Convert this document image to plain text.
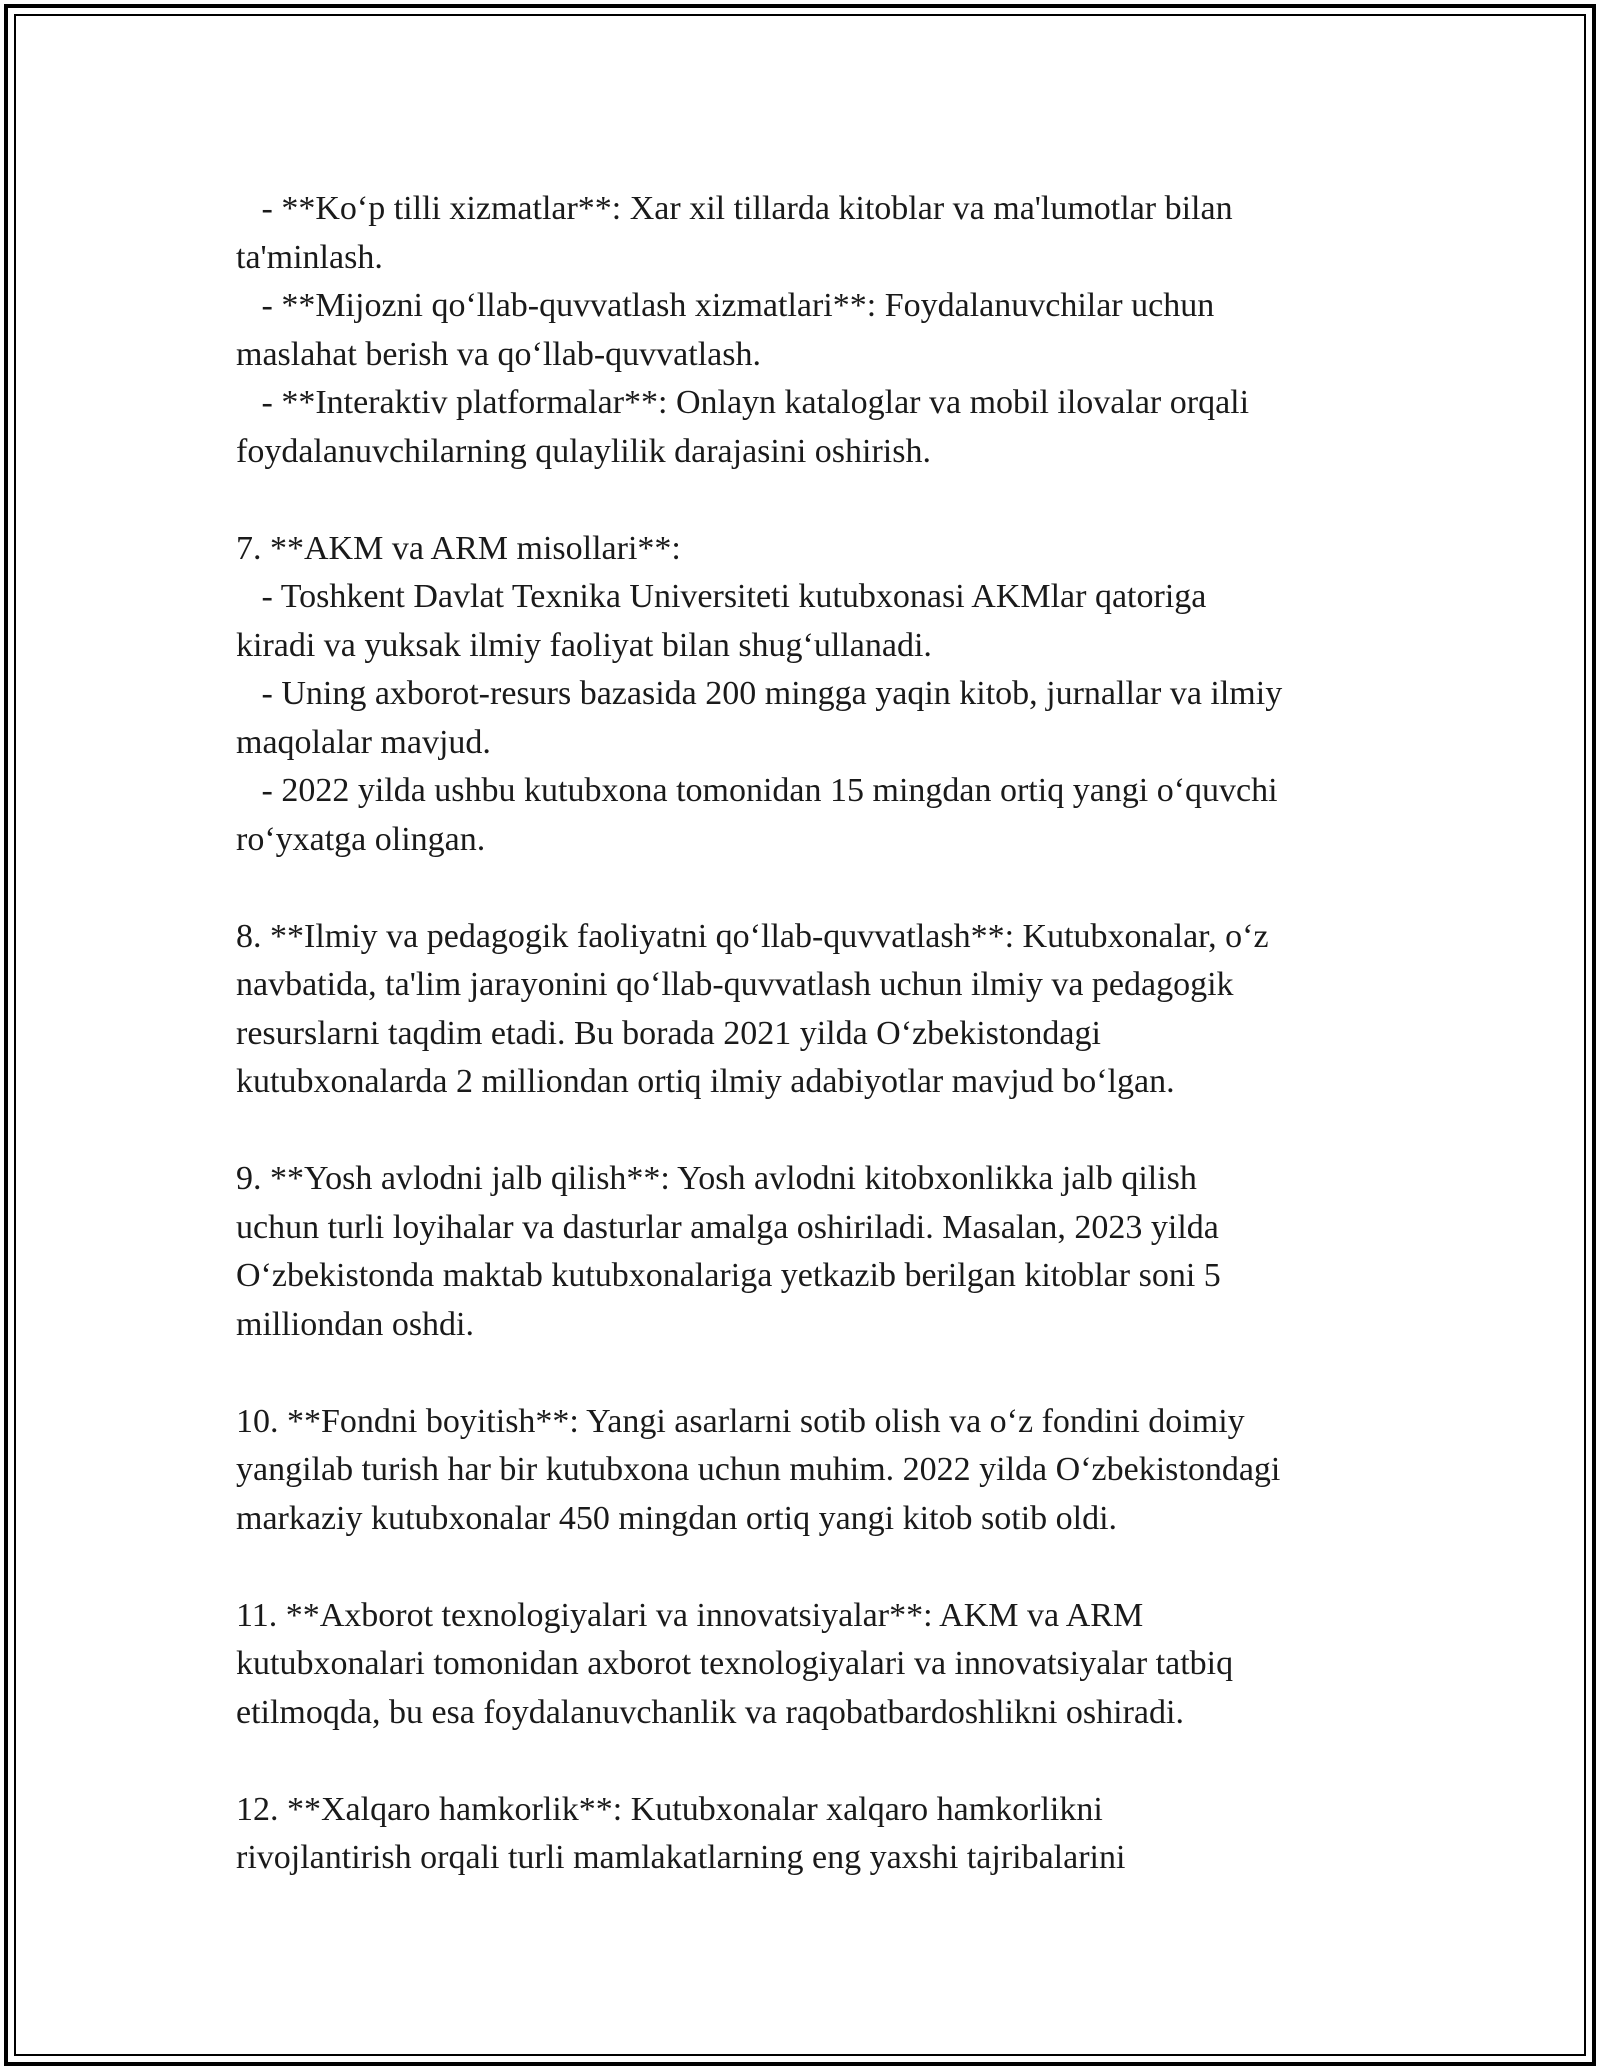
- **Ko‘p tilli xizmatlar**: Xar xil tillarda kitoblar va ma'lumotlar bilan
ta'minlash.
- **Mijozni qo‘llab-quvvatlash xizmatlari**: Foydalanuvchilar uchun
maslahat berish va qo‘llab-quvvatlash.
- **Interaktiv platformalar**: Onlayn kataloglar va mobil ilovalar orqali
foydalanuvchilarning qulaylilik darajasini oshirish.
7. **AKM va ARM misollari**:
- Toshkent Davlat Texnika Universiteti kutubxonasi AKMlar qatoriga
kiradi va yuksak ilmiy faoliyat bilan shug‘ullanadi.
- Uning axborot-resurs bazasida 200 mingga yaqin kitob, jurnallar va ilmiy
maqolalar mavjud.
- 2022 yilda ushbu kutubxona tomonidan 15 mingdan ortiq yangi o‘quvchi
ro‘yxatga olingan.
8. **Ilmiy va pedagogik faoliyatni qo‘llab-quvvatlash**: Kutubxonalar, o‘z
navbatida, ta'lim jarayonini qo‘llab-quvvatlash uchun ilmiy va pedagogik
resurslarni taqdim etadi. Bu borada 2021 yilda O‘zbekistondagi
kutubxonalarda 2 milliondan ortiq ilmiy adabiyotlar mavjud bo‘lgan.
9. **Yosh avlodni jalb qilish**: Yosh avlodni kitobxonlikka jalb qilish
uchun turli loyihalar va dasturlar amalga oshiriladi. Masalan, 2023 yilda
O‘zbekistonda maktab kutubxonalariga yetkazib berilgan kitoblar soni 5
milliondan oshdi.
10. **Fondni boyitish**: Yangi asarlarni sotib olish va o‘z fondini doimiy
yangilab turish har bir kutubxona uchun muhim. 2022 yilda O‘zbekistondagi
markaziy kutubxonalar 450 mingdan ortiq yangi kitob sotib oldi.
11. **Axborot texnologiyalari va innovatsiyalar**: AKM va ARM
kutubxonalari tomonidan axborot texnologiyalari va innovatsiyalar tatbiq
etilmoqda, bu esa foydalanuvchanlik va raqobatbardoshlikni oshiradi.
12. **Xalqaro hamkorlik**: Kutubxonalar xalqaro hamkorlikni
rivojlantirish orqali turli mamlakatlarning eng yaxshi tajribalarini
